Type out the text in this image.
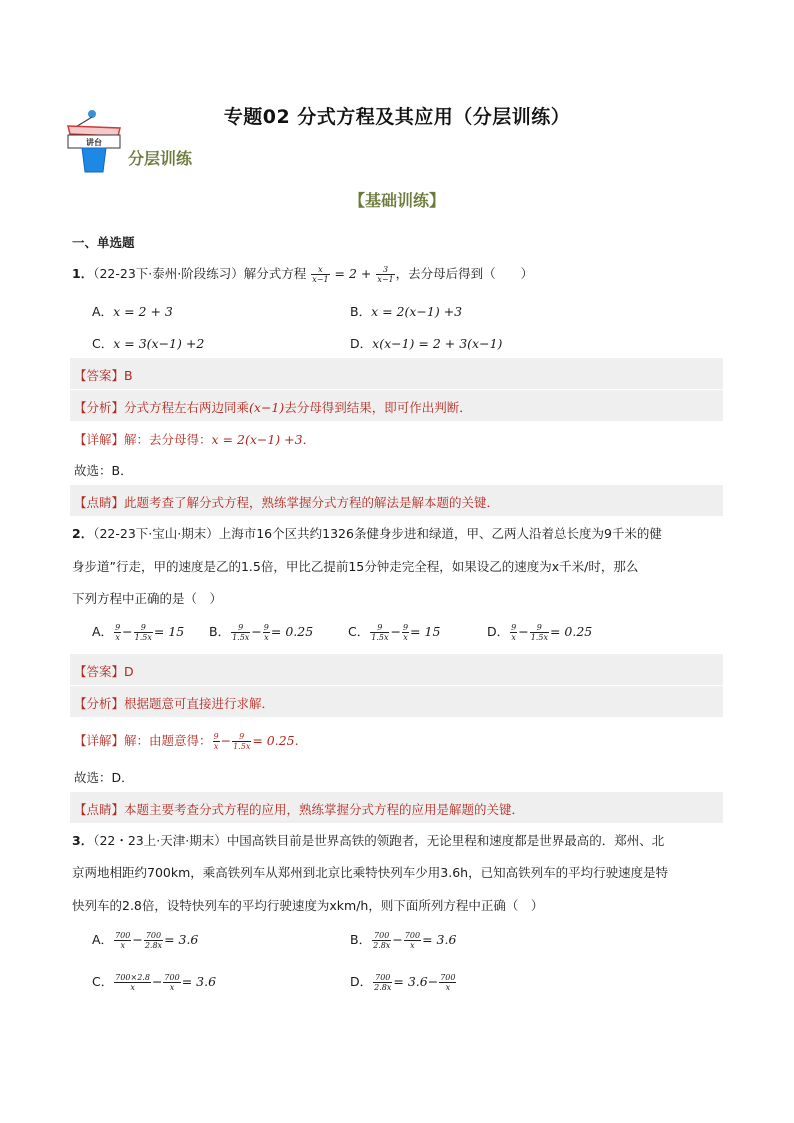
专题02 分式方程及其应用（分层训练）
讲台
分层训练
【基础训练】
一、单选题
1．（22-23下·泰州·阶段练习）解分式方程 $\frac{x}{x-1} = 2 + \frac{3}{x-1}$ ，去分母后得到（　　）
A．x = 2 + 3	B．x = 2(x−1) +3
C．x = 3(x−1) +2	D．x(x−1) = 2 + 3(x−1)
【答案】B
【分析】分式方程左右两边同乘(x−1)去分母得到结果，即可作出判断．
【详解】解：去分母得：x = 2(x−1) +3．
故选：B．
【点睛】此题考查了解分式方程，熟练掌握分式方程的解法是解本题的关键．
2．（22-23下·宝山·期末）上海市16个区共约1326条健身步进和绿道，甲、乙两人沿着总长度为9千米的健
身步道”行走，甲的速度是乙的1.5倍，甲比乙提前15分钟走完全程，如果设乙的速度为x千米/时，那么
下列方程中正确的是（　）
A． $\frac{9}{x} - \frac{9}{1.5x} = 15$ B． $\frac{9}{1.5x} - \frac{9}{x} = 0.25$	C． $\frac{9}{1.5x} - \frac{9}{x} = 15$	D． $\frac{9}{x} - \frac{9}{1.5x} = 0.25$
【答案】D
【分析】根据题意可直接进行求解．
【详解】解：由题意得： $\frac{9}{x} - \frac{9}{1.5x} = 0.25$.
故选：D．
【点睛】本题主要考查分式方程的应用，熟练掌握分式方程的应用是解题的关键．
3．（22・23上·天津·期末）中国高铁目前是世界高铁的领跑者，无论里程和速度都是世界最高的．郑州、北
京两地相距约700km，乘高铁列车从郑州到北京比乘特快列车少用3.6h，已知高铁列车的平均行驶速度是特
快列车的2.8倍，设特快列车的平均行驶速度为xkm/h，则下面所列方程中正确（　）
A． $\frac{700}{x} - \frac{700}{2.8x} = 3.6$	B． $\frac{700}{2.8x} - \frac{700}{x} = 3.6$
C． $\frac{700\times 2.8}{x} - \frac{700}{x} = 3.6$	D． $\frac{700}{2.8x} = 3.6- \frac{700}{x}$
